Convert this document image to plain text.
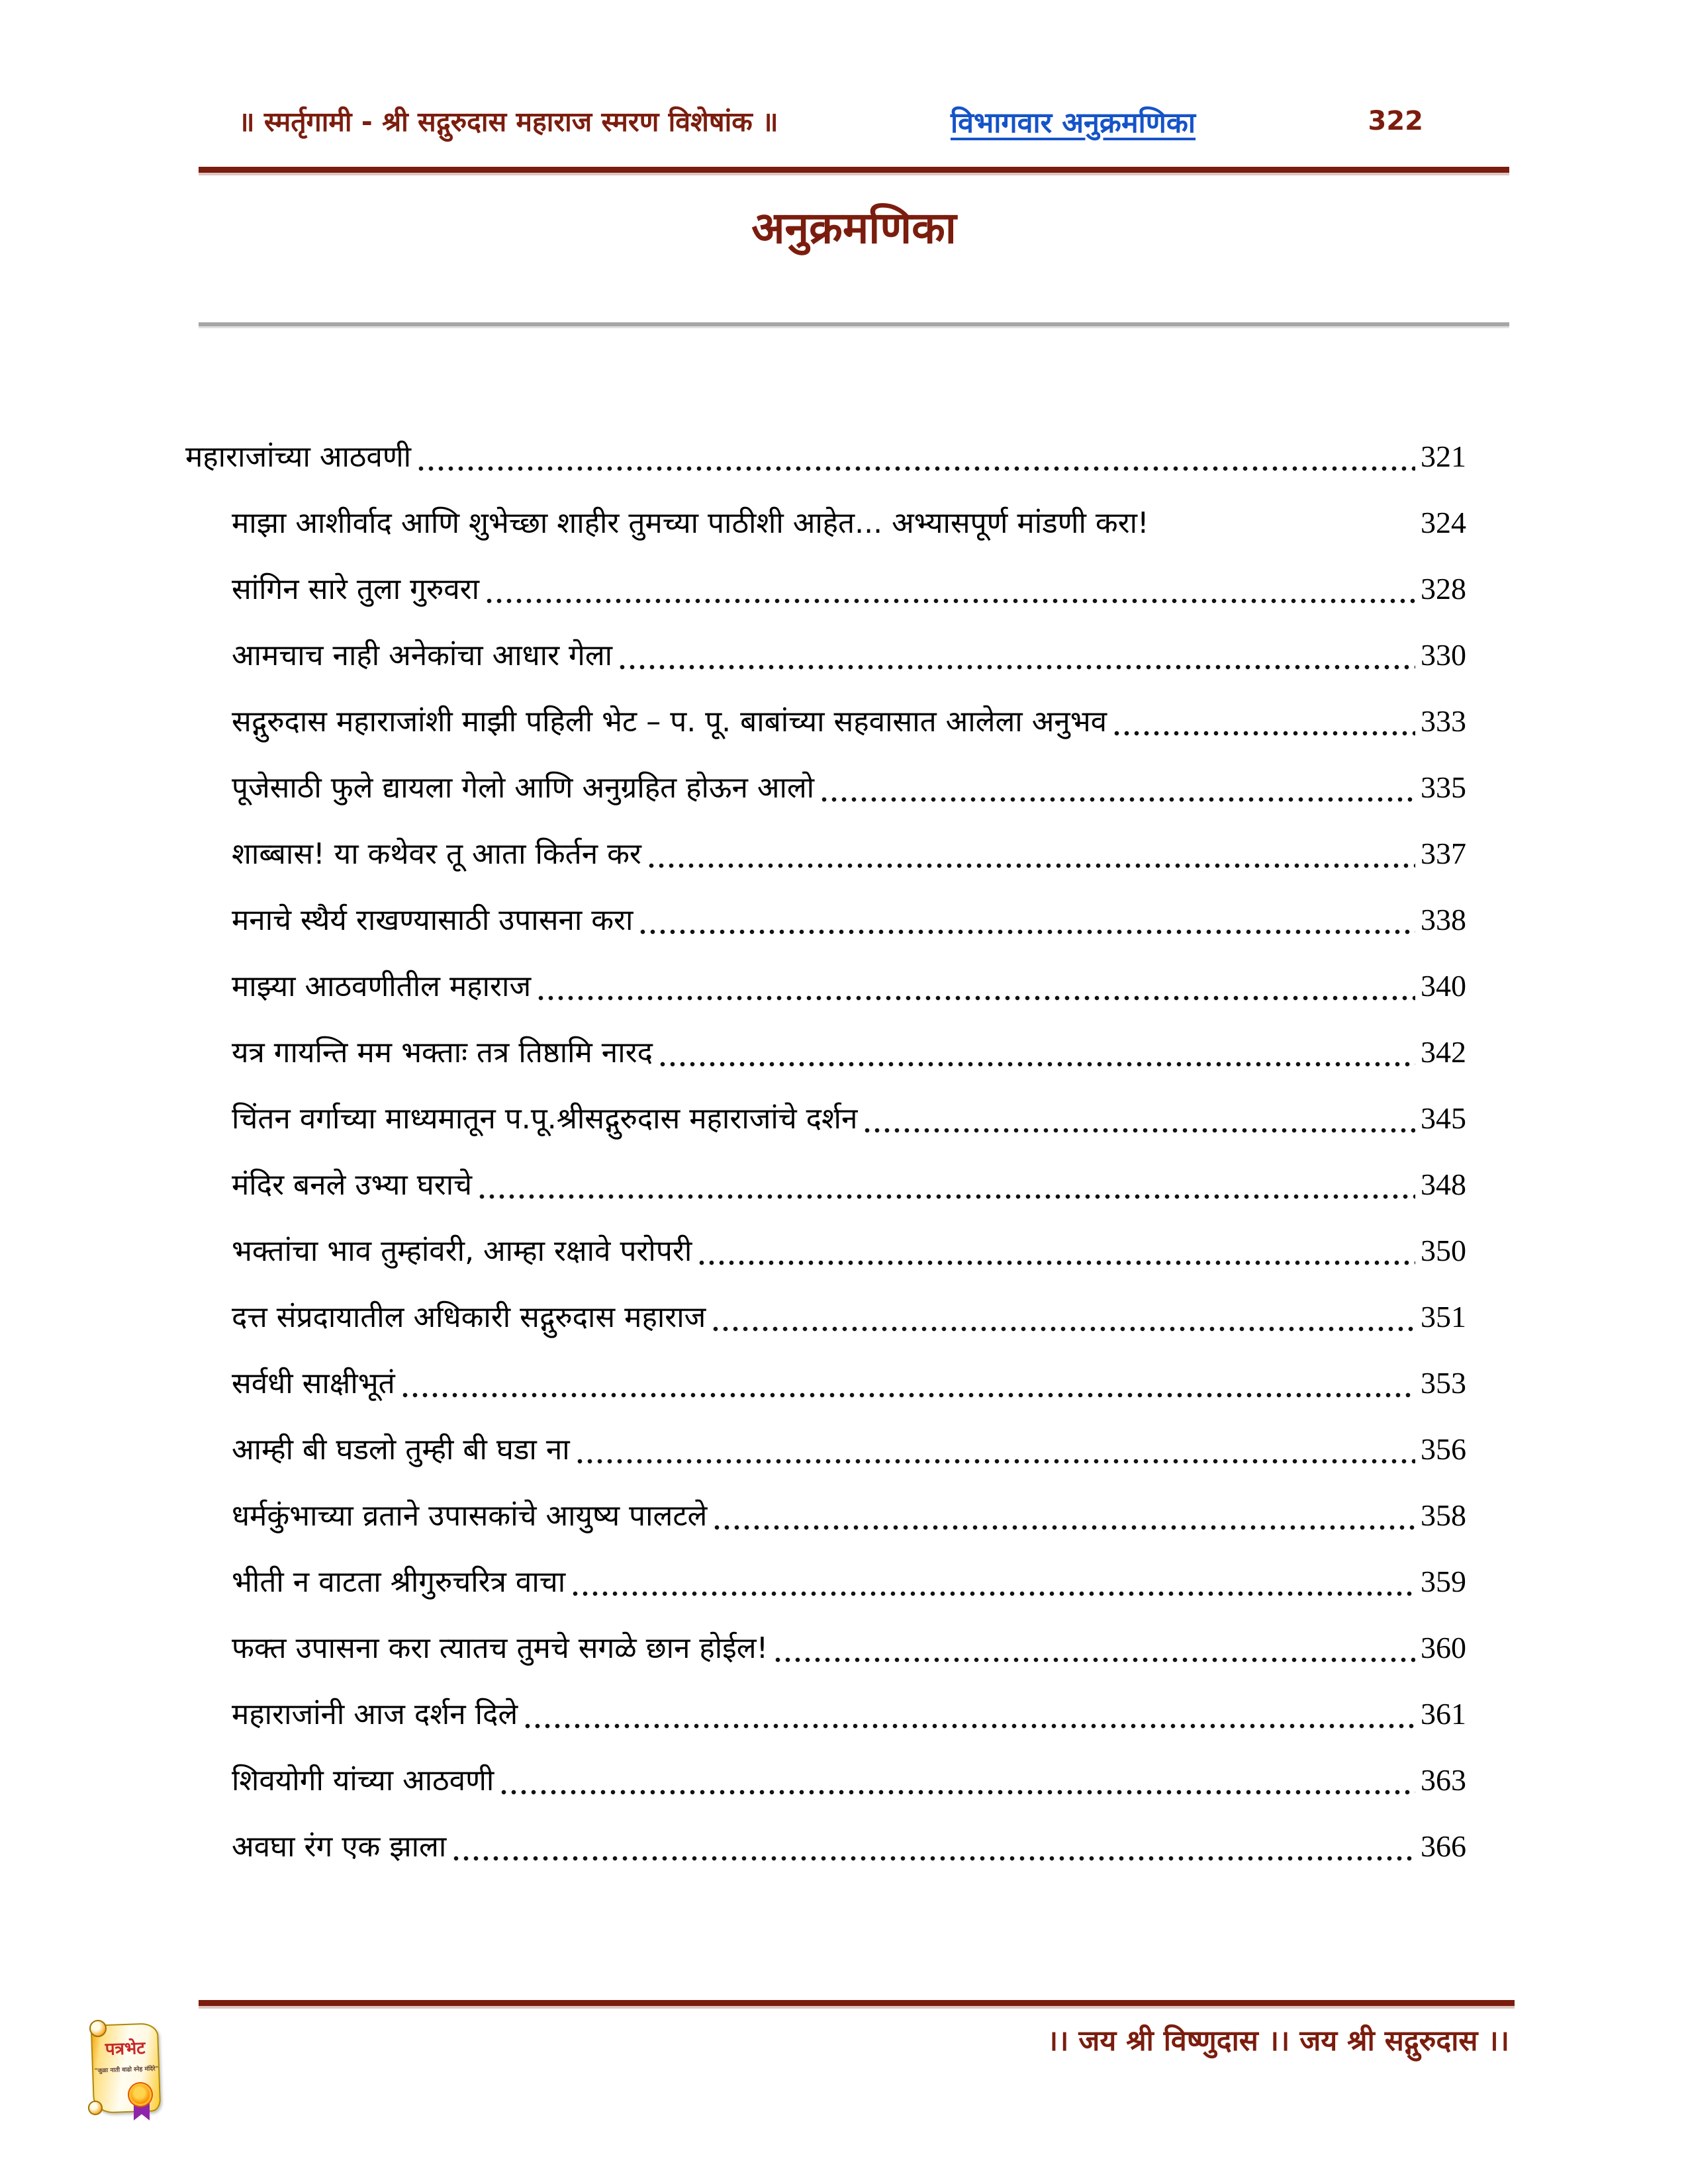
॥ स्मर्तृगामी - श्री सद्गुरुदास महाराज स्मरण विशेषांक ॥	विभागवार अनुक्रमणिका	322
अनुक्रमणिका
महाराजांच्या आठवणी	321
माझा आशीर्वाद आणि शुभेच्छा शाहीर तुमच्या पाठीशी आहेत... अभ्यासपूर्ण मांडणी करा!	324
सांगिन सारे तुला गुरुवरा	328
आमचाच नाही अनेकांचा आधार गेला	330
सद्गुरुदास महाराजांशी माझी पहिली भेट – प. पू. बाबांच्या सहवासात आलेला अनुभव	333
पूजेसाठी फुले द्यायला गेलो आणि अनुग्रहित होऊन आलो	335
शाब्बास! या कथेवर तू आता किर्तन कर	337
मनाचे स्थैर्य राखण्यासाठी उपासना करा	338
माझ्या आठवणीतील महाराज	340
यत्र गायन्ति मम भक्ताः तत्र तिष्ठामि नारद	342
चिंतन वर्गाच्या माध्यमातून प.पू.श्रीसद्गुरुदास महाराजांचे दर्शन	345
मंदिर बनले उभ्या घराचे	348
भक्तांचा भाव तुम्हांवरी, आम्हा रक्षावे परोपरी	350
दत्त संप्रदायातील अधिकारी सद्गुरुदास महाराज	351
सर्वधी साक्षीभूतं	353
आम्ही बी घडलो तुम्ही बी घडा ना	356
धर्मकुंभाच्या व्रताने उपासकांचे आयुष्य पालटले	358
भीती न वाटता श्रीगुरुचरित्र वाचा	359
फक्त उपासना करा त्यातच तुमचे सगळे छान होईल!	360
महाराजांनी आज दर्शन दिले	361
शिवयोगी यांच्या आठवणी	363
अवघा रंग एक झाला	366
।। जय श्री विष्णुदास ।। जय श्री सद्गुरुदास ।।
पत्रभेट
"जुळा नाती वाढो स्नेह मंदिरे"
